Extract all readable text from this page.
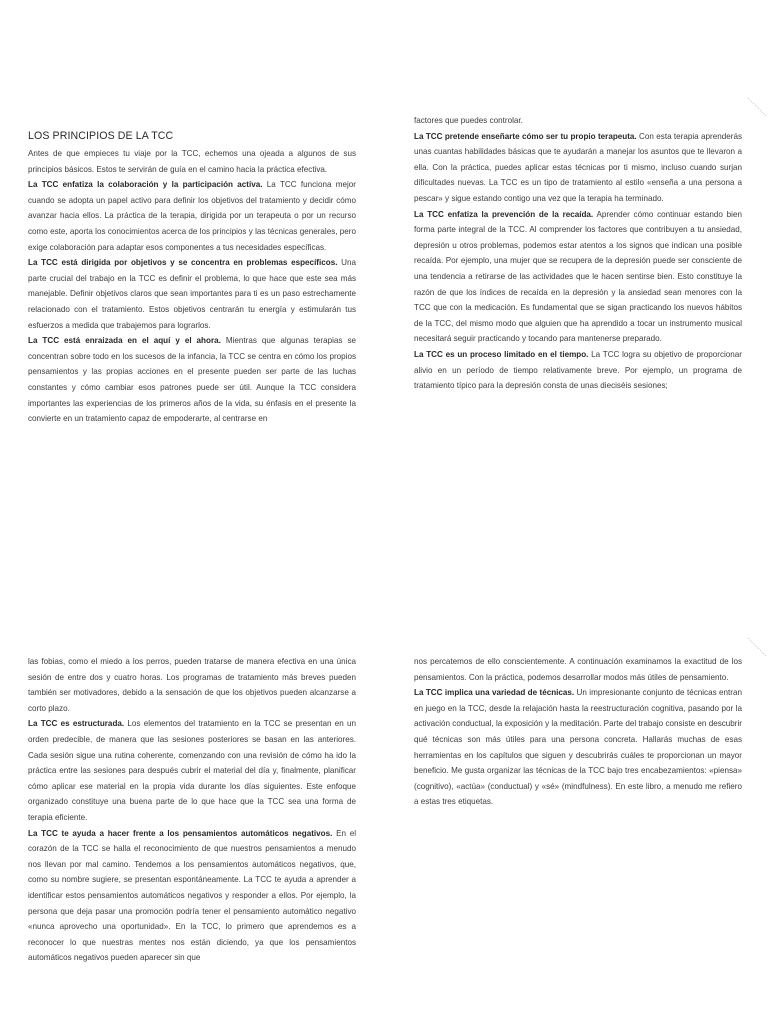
LOS PRINCIPIOS DE LA TCC

Antes de que empieces tu viaje por la TCC, echemos una ojeada a algunos de sus principios básicos. Estos te servirán de guía en el camino hacia la práctica efectiva.

La TCC enfatiza la colaboración y la participación activa. La TCC funciona mejor cuando se adopta un papel activo para definir los objetivos del tratamiento y decidir cómo avanzar hacia ellos. La práctica de la terapia, dirigida por un terapeuta o por un recurso como este, aporta los conocimientos acerca de los principios y las técnicas generales, pero exige colaboración para adaptar esos componentes a tus necesidades específicas.

La TCC está dirigida por objetivos y se concentra en problemas específicos. Una parte crucial del trabajo en la TCC es definir el problema, lo que hace que este sea más manejable. Definir objetivos claros que sean importantes para ti es un paso estrechamente relacionado con el tratamiento. Estos objetivos centrarán tu energía y estimularán tus esfuerzos a medida que trabajemos para lograrlos.

La TCC está enraizada en el aquí y el ahora. Mientras que algunas terapias se concentran sobre todo en los sucesos de la infancia, la TCC se centra en cómo los propios pensamientos y las propias acciones en el presente pueden ser parte de las luchas constantes y cómo cambiar esos patrones puede ser útil. Aunque la TCC considera importantes las experiencias de los primeros años de la vida, su énfasis en el presente la convierte en un tratamiento capaz de empoderarte, al centrarse en

factores que puedes controlar.

La TCC pretende enseñarte cómo ser tu propio terapeuta. Con esta terapia aprenderás unas cuantas habilidades básicas que te ayudarán a manejar los asuntos que te llevaron a ella. Con la práctica, puedes aplicar estas técnicas por ti mismo, incluso cuando surjan dificultades nuevas. La TCC es un tipo de tratamiento al estilo «enseña a una persona a pescar» y sigue estando contigo una vez que la terapia ha terminado.

La TCC enfatiza la prevención de la recaída. Aprender cómo continuar estando bien forma parte integral de la TCC. Al comprender los factores que contribuyen a tu ansiedad, depresión u otros problemas, podemos estar atentos a los signos que indican una posible recaída. Por ejemplo, una mujer que se recupera de la depresión puede ser consciente de una tendencia a retirarse de las actividades que le hacen sentirse bien. Esto constituye la razón de que los índices de recaída en la depresión y la ansiedad sean menores con la TCC que con la medicación. Es fundamental que se sigan practicando los nuevos hábitos de la TCC, del mismo modo que alguien que ha aprendido a tocar un instrumento musical necesitará seguir practicando y tocando para mantenerse preparado.

La TCC es un proceso limitado en el tiempo. La TCC logra su objetivo de proporcionar alivio en un período de tiempo relativamente breve. Por ejemplo, un programa de tratamiento típico para la depresión consta de unas dieciséis sesiones;

las fobias, como el miedo a los perros, pueden tratarse de manera efectiva en una única sesión de entre dos y cuatro horas. Los programas de tratamiento más breves pueden también ser motivadores, debido a la sensación de que los objetivos pueden alcanzarse a corto plazo.

La TCC es estructurada. Los elementos del tratamiento en la TCC se presentan en un orden predecible, de manera que las sesiones posteriores se basan en las anteriores. Cada sesión sigue una rutina coherente, comenzando con una revisión de cómo ha ido la práctica entre las sesiones para después cubrir el material del día y, finalmente, planificar cómo aplicar ese material en la propia vida durante los días siguientes. Este enfoque organizado constituye una buena parte de lo que hace que la TCC sea una forma de terapia eficiente.

La TCC te ayuda a hacer frente a los pensamientos automáticos negativos. En el corazón de la TCC se halla el reconocimiento de que nuestros pensamientos a menudo nos llevan por mal camino. Tendemos a los pensamientos automáticos negativos, que, como su nombre sugiere, se presentan espontáneamente. La TCC te ayuda a aprender a identificar estos pensamientos automáticos negativos y responder a ellos. Por ejemplo, la persona que deja pasar una promoción podría tener el pensamiento automático negativo «nunca aprovecho una oportunidad». En la TCC, lo primero que aprendemos es a reconocer lo que nuestras mentes nos están diciendo, ya que los pensamientos automáticos negativos pueden aparecer sin que

nos percatemos de ello conscientemente. A continuación examinamos la exactitud de los pensamientos. Con la práctica, podemos desarrollar modos más útiles de pensamiento.

La TCC implica una variedad de técnicas. Un impresionante conjunto de técnicas entran en juego en la TCC, desde la relajación hasta la reestructuración cognitiva, pasando por la activación conductual, la exposición y la meditación. Parte del trabajo consiste en descubrir qué técnicas son más útiles para una persona concreta. Hallarás muchas de esas herramientas en los capítulos que siguen y descubrirás cuáles te proporcionan un mayor beneficio. Me gusta organizar las técnicas de la TCC bajo tres encabezamientos: «piensa» (cognitivo), «actúa» (conductual) y «sé» (mindfulness). En este libro, a menudo me refiero a estas tres etiquetas.
